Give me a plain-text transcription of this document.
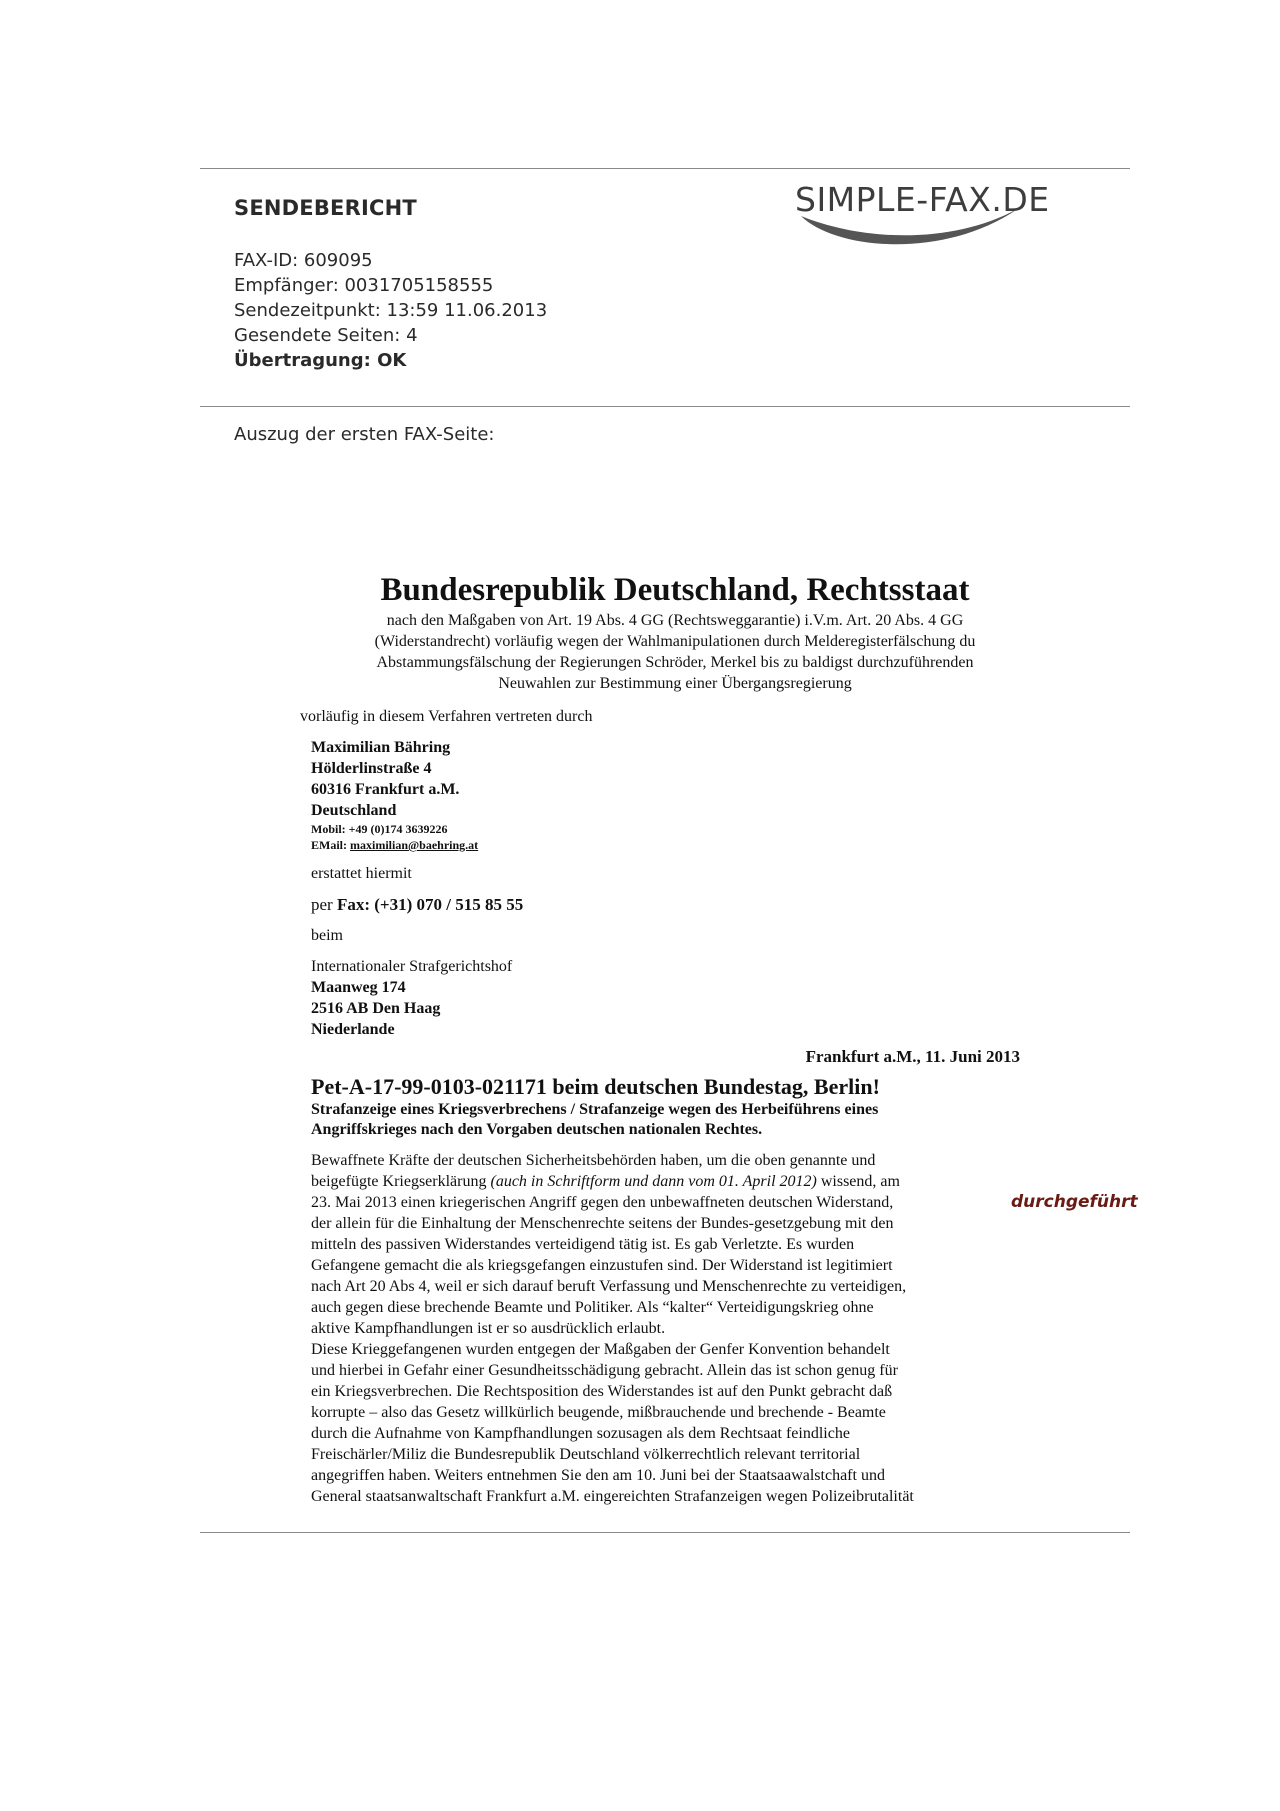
SENDEBERICHT
FAX-ID: 609095
Empfänger: 0031705158555
Sendezeitpunkt: 13:59 11.06.2013
Gesendete Seiten: 4
Übertragung: OK
SIMPLE-FAX.DE
Auszug der ersten FAX-Seite:
Bundesrepublik Deutschland, Rechtsstaat
nach den Maßgaben von Art. 19 Abs. 4 GG (Rechtsweggarantie) i.V.m. Art. 20 Abs. 4 GG
(Widerstandrecht) vorläufig wegen der Wahlmanipulationen durch Melderegisterfälschung du
Abstammungsfälschung der Regierungen Schröder, Merkel bis zu baldigst durchzuführenden
Neuwahlen zur Bestimmung einer Übergangsregierung
vorläufig in diesem Verfahren vertreten durch
Maximilian Bähring
Hölderlinstraße 4
60316 Frankfurt a.M.
Deutschland
Mobil: +49 (0)174 3639226
EMail: maximilian@baehring.at
erstattet hiermit
per Fax: (+31) 070 / 515 85 55
beim
Internationaler Strafgerichtshof
Maanweg 174
2516 AB Den Haag
Niederlande
Frankfurt a.M., 11. Juni 2013
Pet-A-17-99-0103-021171 beim deutschen Bundestag, Berlin!
Strafanzeige eines Kriegsverbrechens / Strafanzeige wegen des Herbeiführens eines
Angriffskrieges nach den Vorgaben deutschen nationalen Rechtes.
Bewaffnete Kräfte der deutschen Sicherheitsbehörden haben, um die oben genannte und
beigefügte Kriegserklärung (auch in Schriftform und dann vom 01. April 2012) wissend, am
23. Mai 2013 einen kriegerischen Angriff gegen den unbewaffneten deutschen Widerstand,	durchgeführt
der allein für die Einhaltung der Menschenrechte seitens der Bundes-gesetzgebung mit den
mitteln des passiven Widerstandes verteidigend tätig ist. Es gab Verletzte. Es wurden
Gefangene gemacht die als kriegsgefangen einzustufen sind. Der Widerstand ist legitimiert
nach Art 20 Abs 4, weil er sich darauf beruft Verfassung und Menschenrechte zu verteidigen,
auch gegen diese brechende Beamte und Politiker. Als “kalter“ Verteidigungskrieg ohne
aktive Kampfhandlungen ist er so ausdrücklich erlaubt.
Diese Krieggefangenen wurden entgegen der Maßgaben der Genfer Konvention behandelt
und hierbei in Gefahr einer Gesundheitsschädigung gebracht. Allein das ist schon genug für
ein Kriegsverbrechen. Die Rechtsposition des Widerstandes ist auf den Punkt gebracht daß
korrupte – also das Gesetz willkürlich beugende, mißbrauchende und brechende - Beamte
durch die Aufnahme von Kampfhandlungen sozusagen als dem Rechtsaat feindliche
Freischärler/Miliz die Bundesrepublik Deutschland völkerrechtlich relevant territorial
angegriffen haben. Weiters entnehmen Sie den am 10. Juni bei der Staatsaawalstchaft und
General staatsanwaltschaft Frankfurt a.M. eingereichten Strafanzeigen wegen Polizeibrutalität
